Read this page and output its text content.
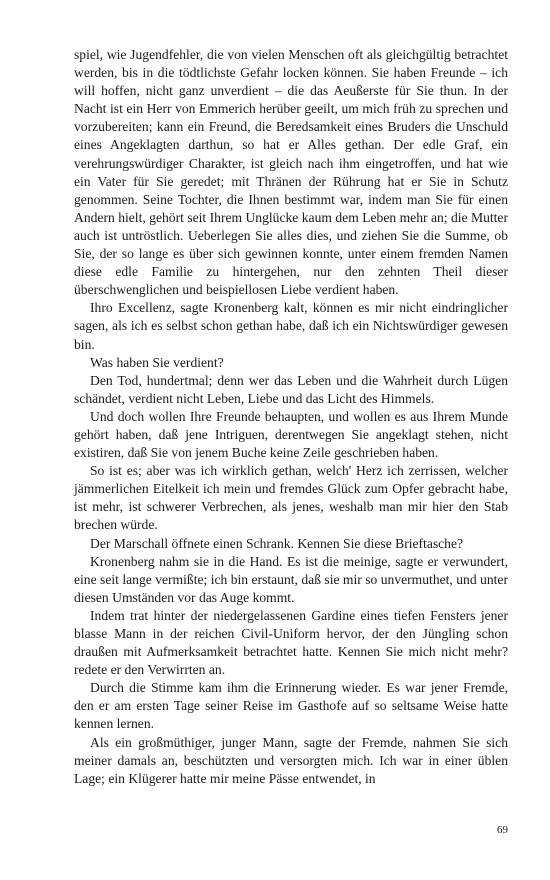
spiel, wie Jugendfehler, die von vielen Menschen oft als gleichgültig betrachtet werden, bis in die tödtlichste Gefahr locken können. Sie haben Freunde – ich will hoffen, nicht ganz unverdient – die das Aeußerste für Sie thun. In der Nacht ist ein Herr von Emmerich herüber geeilt, um mich früh zu sprechen und vorzubereiten; kann ein Freund, die Beredsamkeit eines Bruders die Unschuld eines Angeklagten darthun, so hat er Alles gethan. Der edle Graf, ein verehrungswürdiger Charakter, ist gleich nach ihm eingetroffen, und hat wie ein Vater für Sie geredet; mit Thränen der Rührung hat er Sie in Schutz genommen. Seine Tochter, die Ihnen bestimmt war, indem man Sie für einen Andern hielt, gehört seit Ihrem Unglücke kaum dem Leben mehr an; die Mutter auch ist untröstlich. Ueberlegen Sie alles dies, und ziehen Sie die Summe, ob Sie, der so lange es über sich gewinnen konnte, unter einem fremden Namen diese edle Familie zu hintergehen, nur den zehnten Theil dieser überschwenglichen und beispiellosen Liebe verdient haben.

Ihro Excellenz, sagte Kronenberg kalt, können es mir nicht eindringlicher sagen, als ich es selbst schon gethan habe, daß ich ein Nichtswürdiger gewesen bin.

Was haben Sie verdient?

Den Tod, hundertmal; denn wer das Leben und die Wahrheit durch Lügen schändet, verdient nicht Leben, Liebe und das Licht des Himmels.

Und doch wollen Ihre Freunde behaupten, und wollen es aus Ihrem Munde gehört haben, daß jene Intriguen, derentwegen Sie angeklagt stehen, nicht existiren, daß Sie von jenem Buche keine Zeile geschrieben haben.

So ist es; aber was ich wirklich gethan, welch' Herz ich zerrissen, welcher jämmerlichen Eitelkeit ich mein und fremdes Glück zum Opfer gebracht habe, ist mehr, ist schwerer Verbrechen, als jenes, weshalb man mir hier den Stab brechen würde.

Der Marschall öffnete einen Schrank. Kennen Sie diese Brieftasche?

Kronenberg nahm sie in die Hand. Es ist die meinige, sagte er verwundert, eine seit lange vermißte; ich bin erstaunt, daß sie mir so unvermuthet, und unter diesen Umständen vor das Auge kommt.

Indem trat hinter der niedergelassenen Gardine eines tiefen Fensters jener blasse Mann in der reichen Civil-Uniform hervor, der den Jüngling schon draußen mit Aufmerksamkeit betrachtet hatte. Kennen Sie mich nicht mehr? redete er den Verwirrten an.

Durch die Stimme kam ihm die Erinnerung wieder. Es war jener Fremde, den er am ersten Tage seiner Reise im Gasthofe auf so seltsame Weise hatte kennen lernen.

Als ein großmüthiger, junger Mann, sagte der Fremde, nahmen Sie sich meiner damals an, beschützten und versorgten mich. Ich war in einer üblen Lage; ein Klügerer hatte mir meine Pässe entwendet, in

69
